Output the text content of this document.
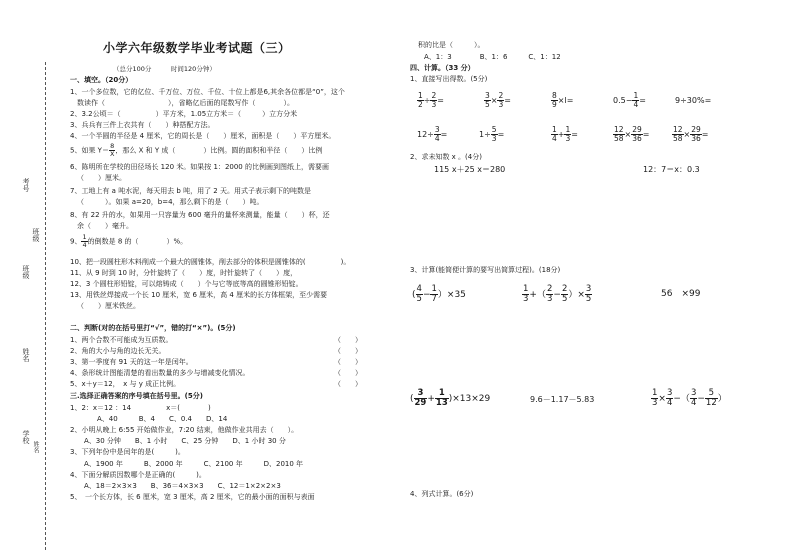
考号
班级
班级
姓名
学校
姓名
小学六年级数学毕业考试题（三）
（总分100分　　　时间120分钟）
一、填空。（20分）
1、一个多位数，它的亿位、千万位、万位、千位、十位上都是6,其余各位都是“0”，这个
数读作（　　　　　　　　　），省略亿后面的尾数写作（　　　　）。
2、3.2公顷＝（　　　　　）平方米，1.05立方米＝（　　　）立方分米
3、兵兵有三件上衣共有（　　）种搭配方法。
4、一个半圆的半径是 4 厘米，它的周长是（　　）厘米，面积是（　　）平方厘米。
5、如果 $Y= \frac{8}{X}$ ，那么 X 和 Y 成（　　　　）比例。圆的面积和半径（　　）比例
6、陈明所在学校的田径场长 120 米。如果按 1：2000 的比例画到图纸上，需要画
（　　）厘米。
7、工地上有 a 吨水泥，每天用去 b 吨，用了 2 天。用式子表示剩下的吨数是
（　　　）。如果 a=20，b=4，那么剩下的是（　　）吨。
8、有 22 升的水，如果用一只容量为 600 毫升的量杯来测量，能量（　　）杯，还
余（　　）毫升。
9、 $\frac{1}{4}$ 的倒数是 8 的（　　　　）%。
10、把一段圆柱形木料削成一个最大的圆锥体，削去部分的体积是圆锥体的(　　　　　)。
11、从 9 时到 10 时，分针旋转了（　　）度，时针旋转了（　　）度，
12、3 个圆柱形铅锭，可以熔铸成（　　）个与它等底等高的圆锥形铅锭。
13、用铁丝焊接成一个长 10 厘米，宽 6 厘米，高 4 厘米的长方体框架，至少需要
（　　）厘米铁丝。
二、判断(对的在括号里打“√”，错的打“×”)。(5分)
1、两个合数不可能成为互质数。	（　　）
2、角的大小与角的边长无关。	（　　）
3、第一季度有 91 天的这一年是闰年。	（　　）
4、条形统计图能清楚的看出数量的多少与增减变化情况。	（　　）
5、x＋y＝12，　x 与 y 成正比例。	（　　）
三.选择正确答案的序号填在括号里。(5分)
1、2：x＝12 ：14　　　　　x＝(　　　　)
A、40　　　B、4　　C、0.4　　D、14
2、小明从晚上 6:55 开始做作业，7:20 结束，他做作业共用去（　　）。
A、30 分钟　　B、1 小时　　C、25 分钟　　D、1 小时 30 分
3、下列年份中是闰年的是(　　　)。
A、1900 年　　　B、2000 年　　　C、2100 年　　　D、2010 年
4、下面分解质因数哪个是正确的(　　　)。
A、18＝2×3×3　　B、36＝4×3×3　　C、12＝1×2×2×3
5、　一个长方体，长 6 厘米，宽 3 厘米，高 2 厘米，它的最小面的面积与表面
积的比是（　　　）。
A、1：3　　　　B、1：6　　　C、1：12
四、计算。（33 分）
1、直接写出得数。(5分)
$\frac{1}{2} \div \frac{2}{3}$ =	$\frac{3}{5} \times \frac{2}{3}$ =	$\frac{8}{9} \times l=$	$0.5- \frac{1}{4}$ =	9÷30%=
$12\div \frac{3}{4}$ =	$1\div \frac{5}{3}$ =	$\frac{1}{4} + \frac{1}{3}$ =	$\frac{12}{58} \times \frac{29}{36}$ =	$\frac{12}{58} \times \frac{29}{36}$ =
2、求未知数 x 。(4分)
115 x＋25 x＝280	12：7＝x：0.3
3、计算(能简便计算的要写出简算过程)。(18分)
( $\frac{4}{5} - \frac{1}{7} )\times 35$	$\frac{1}{3}$ +（ $\frac{2}{3} - \frac{2}{5}$ ）× $\frac{3}{5}$	56　×99
( $\frac{3}{29} + \frac{1}{13} )\times 13\times 29$	9.6－1.17－5.83	$\frac{1}{3} \times \frac{3}{4}$ −（ $\frac{3}{4} - \frac{5}{12}$ ）
4、列式计算。(6分)
